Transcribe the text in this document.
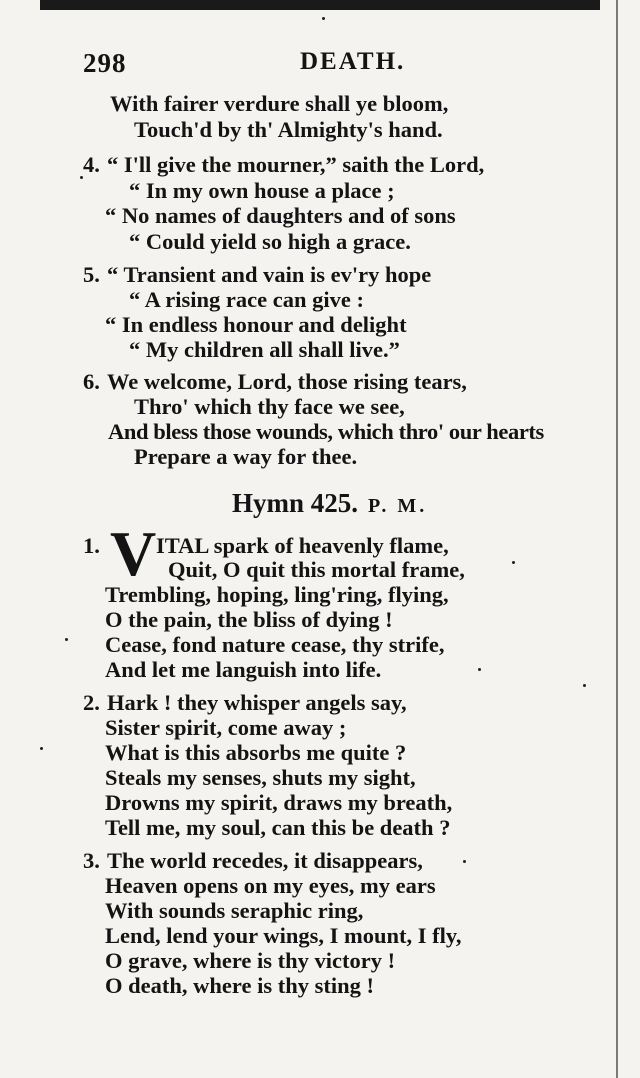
298	DEATH.
With fairer verdure shall ye bloom,
Touch'd by th' Almighty's hand.
4. “ I'll give the mourner,” saith the Lord,
“ In my own house a place ;
“ No names of daughters and of sons
“ Could yield so high a grace.
5. “ Transient and vain is ev'ry hope
“ A rising race can give :
“ In endless honour and delight
“ My children all shall live.”
6. We welcome, Lord, those rising tears,
Thro' which thy face we see,
And bless those wounds, which thro' our hearts
Prepare a way for thee.
Hymn 425. P. M.
1. V ITAL spark of heavenly flame,
Quit, O quit this mortal frame,
Trembling, hoping, ling'ring, flying,
O the pain, the bliss of dying !
Cease, fond nature cease, thy strife,
And let me languish into life.
2. Hark ! they whisper angels say,
Sister spirit, come away ;
What is this absorbs me quite ?
Steals my senses, shuts my sight,
Drowns my spirit, draws my breath,
Tell me, my soul, can this be death ?
3. The world recedes, it disappears,
Heaven opens on my eyes, my ears
With sounds seraphic ring,
Lend, lend your wings, I mount, I fly,
O grave, where is thy victory !
O death, where is thy sting !
